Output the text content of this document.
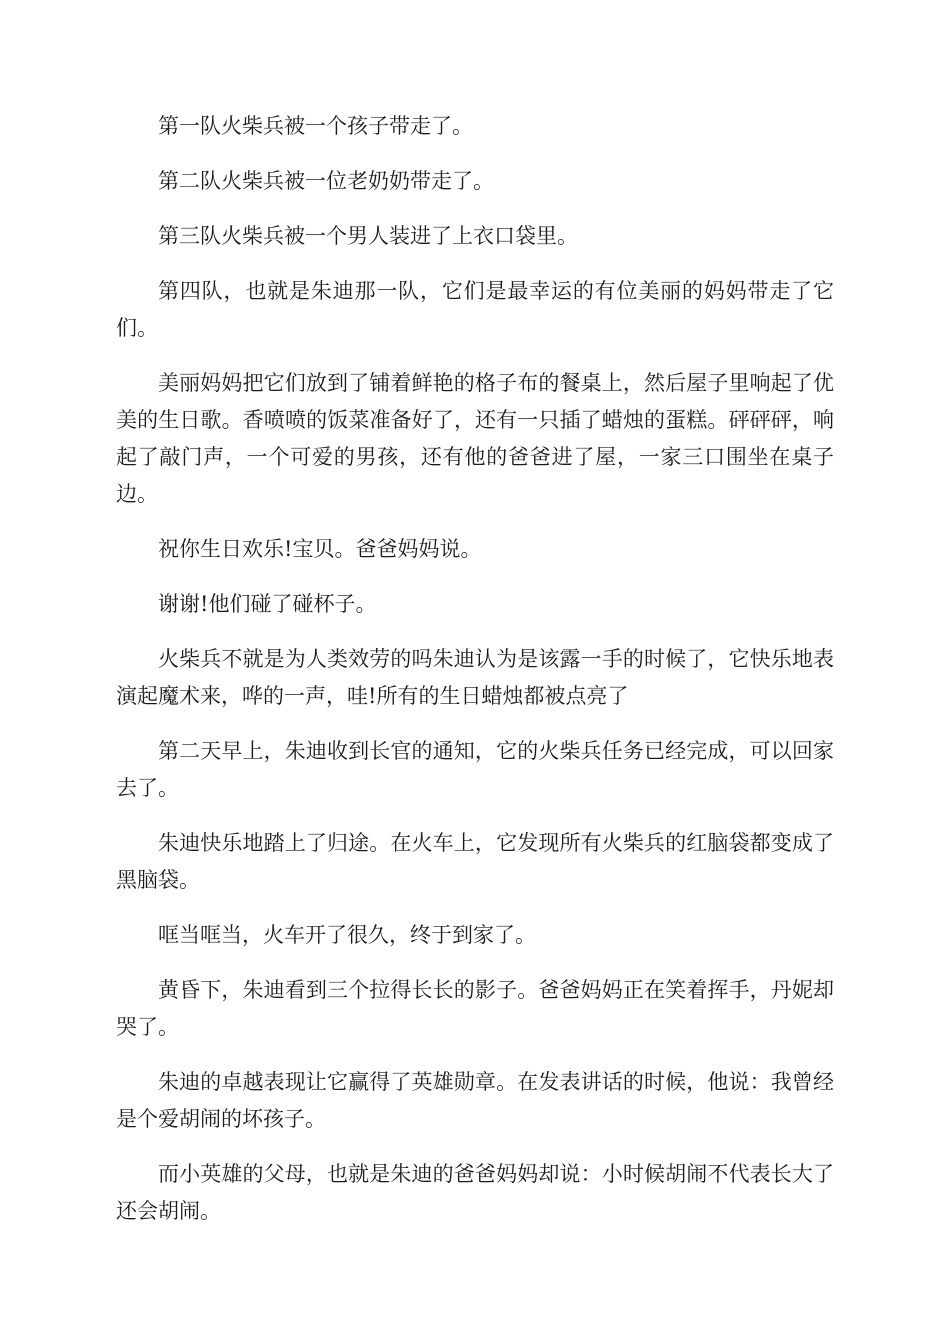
第一队火柴兵被一个孩子带走了。

第二队火柴兵被一位老奶奶带走了。

第三队火柴兵被一个男人装进了上衣口袋里。

第四队，也就是朱迪那一队，它们是最幸运的有位美丽的妈妈带走了它们。

美丽妈妈把它们放到了铺着鲜艳的格子布的餐桌上，然后屋子里响起了优美的生日歌。香喷喷的饭菜准备好了，还有一只插了蜡烛的蛋糕。砰砰砰，响起了敲门声，一个可爱的男孩，还有他的爸爸进了屋，一家三口围坐在桌子边。

祝你生日欢乐!宝贝。爸爸妈妈说。

谢谢!他们碰了碰杯子。

火柴兵不就是为人类效劳的吗朱迪认为是该露一手的时候了，它快乐地表演起魔术来，哗的一声，哇!所有的生日蜡烛都被点亮了

第二天早上，朱迪收到长官的通知，它的火柴兵任务已经完成，可以回家去了。

朱迪快乐地踏上了归途。在火车上，它发现所有火柴兵的红脑袋都变成了黑脑袋。

哐当哐当，火车开了很久，终于到家了。

黄昏下，朱迪看到三个拉得长长的影子。爸爸妈妈正在笑着挥手，丹妮却哭了。

朱迪的卓越表现让它赢得了英雄勋章。在发表讲话的时候，他说：我曾经是个爱胡闹的坏孩子。

而小英雄的父母，也就是朱迪的爸爸妈妈却说：小时候胡闹不代表长大了还会胡闹。
